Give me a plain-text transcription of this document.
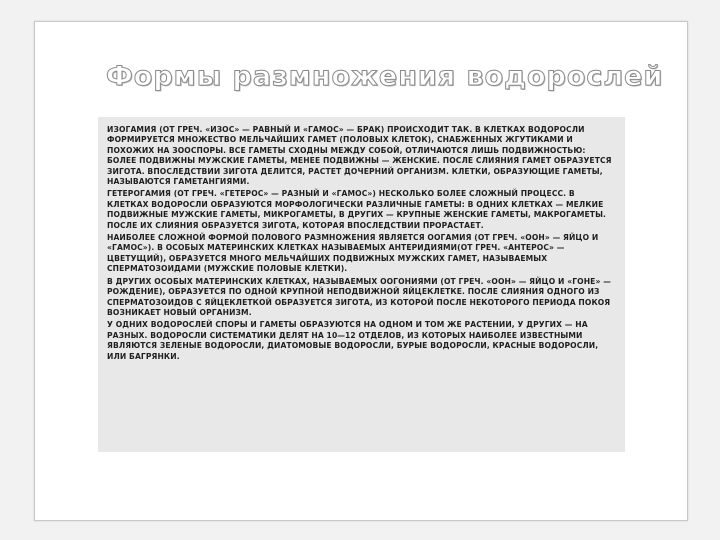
Формы размножения водорослей

ИЗОГАМИЯ (ОТ ГРЕЧ. «ИЗОС» — РАВНЫЙ И «ГАМОС» — БРАК) ПРОИСХОДИТ ТАК. В КЛЕТКАХ ВОДОРОСЛИ ФОРМИРУЕТСЯ МНОЖЕСТВО МЕЛЬЧАЙШИХ ГАМЕТ (ПОЛОВЫХ КЛЕТОК), СНАБЖЕННЫХ ЖГУТИКАМИ И ПОХОЖИХ НА ЗООСПОРЫ. ВСЕ ГАМЕТЫ СХОДНЫ МЕЖДУ СОБОЙ, ОТЛИЧАЮТСЯ ЛИШЬ ПОДВИЖНОСТЬЮ: БОЛЕЕ ПОДВИЖНЫ МУЖСКИЕ ГАМЕТЫ, МЕНЕЕ ПОДВИЖНЫ — ЖЕНСКИЕ. ПОСЛЕ СЛИЯНИЯ ГАМЕТ ОБРАЗУЕТСЯ ЗИГОТА. ВПОСЛЕДСТВИИ ЗИГОТА ДЕЛИТСЯ, РАСТЕТ ДОЧЕРНИЙ ОРГАНИЗМ. КЛЕТКИ, ОБРАЗУЮЩИЕ ГАМЕТЫ, НАЗЫВАЮТСЯ ГАМЕТАНГИЯМИ.

ГЕТЕРОГАМИЯ (ОТ ГРЕЧ. «ГЕТЕРОС» — РАЗНЫЙ И «ГАМОС») НЕСКОЛЬКО БОЛЕЕ СЛОЖНЫЙ ПРОЦЕСС. В КЛЕТКАХ ВОДОРОСЛИ ОБРАЗУЮТСЯ МОРФОЛОГИЧЕСКИ РАЗЛИЧНЫЕ ГАМЕТЫ: В ОДНИХ КЛЕТКАХ — МЕЛКИЕ ПОДВИЖНЫЕ МУЖСКИЕ ГАМЕТЫ, МИКРОГАМЕТЫ, В ДРУГИХ — КРУПНЫЕ ЖЕНСКИЕ ГАМЕТЫ, МАКРОГАМЕТЫ. ПОСЛЕ ИХ СЛИЯНИЯ ОБРАЗУЕТСЯ ЗИГОТА, КОТОРАЯ ВПОСЛЕДСТВИИ ПРОРАСТАЕТ.

НАИБОЛЕЕ СЛОЖНОЙ ФОРМОЙ ПОЛОВОГО РАЗМНОЖЕНИЯ ЯВЛЯЕТСЯ ООГАМИЯ (ОТ ГРЕЧ. «ООН» — ЯЙЦО И «ГАМОС»). В ОСОБЫХ МАТЕРИНСКИХ КЛЕТКАХ НАЗЫВАЕМЫХ АНТЕРИДИЯМИ(ОТ ГРЕЧ. «АНТЕРОС» — ЦВЕТУЩИЙ), ОБРАЗУЕТСЯ МНОГО МЕЛЬЧАЙШИХ ПОДВИЖНЫХ МУЖСКИХ ГАМЕТ, НАЗЫВАЕМЫХ СПЕРМАТОЗОИДАМИ (МУЖСКИЕ ПОЛОВЫЕ КЛЕТКИ).

В ДРУГИХ ОСОБЫХ МАТЕРИНСКИХ КЛЕТКАХ, НАЗЫВАЕМЫХ ООГОНИЯМИ (ОТ ГРЕЧ. «ООН» — ЯЙЦО И «ГОНЕ» — РОЖДЕНИЕ), ОБРАЗУЕТСЯ ПО ОДНОЙ КРУПНОЙ НЕПОДВИЖНОЙ ЯЙЦЕКЛЕТКЕ. ПОСЛЕ СЛИЯНИЯ ОДНОГО ИЗ СПЕРМАТОЗОИДОВ С ЯЙЦЕКЛЕТКОЙ ОБРАЗУЕТСЯ ЗИГОТА, ИЗ КОТОРОЙ ПОСЛЕ НЕКОТОРОГО ПЕРИОДА ПОКОЯ ВОЗНИКАЕТ НОВЫЙ ОРГАНИЗМ.

У ОДНИХ ВОДОРОСЛЕЙ СПОРЫ И ГАМЕТЫ ОБРАЗУЮТСЯ НА ОДНОМ И ТОМ ЖЕ РАСТЕНИИ, У ДРУГИХ — НА РАЗНЫХ. ВОДОРОСЛИ СИСТЕМАТИКИ ДЕЛЯТ НА 10—12 ОТДЕЛОВ, ИЗ КОТОРЫХ НАИБОЛЕЕ ИЗВЕСТНЫМИ ЯВЛЯЮТСЯ ЗЕЛЕНЫЕ ВОДОРОСЛИ, ДИАТОМОВЫЕ ВОДОРОСЛИ, БУРЫЕ ВОДОРОСЛИ, КРАСНЫЕ ВОДОРОСЛИ, ИЛИ БАГРЯНКИ.
